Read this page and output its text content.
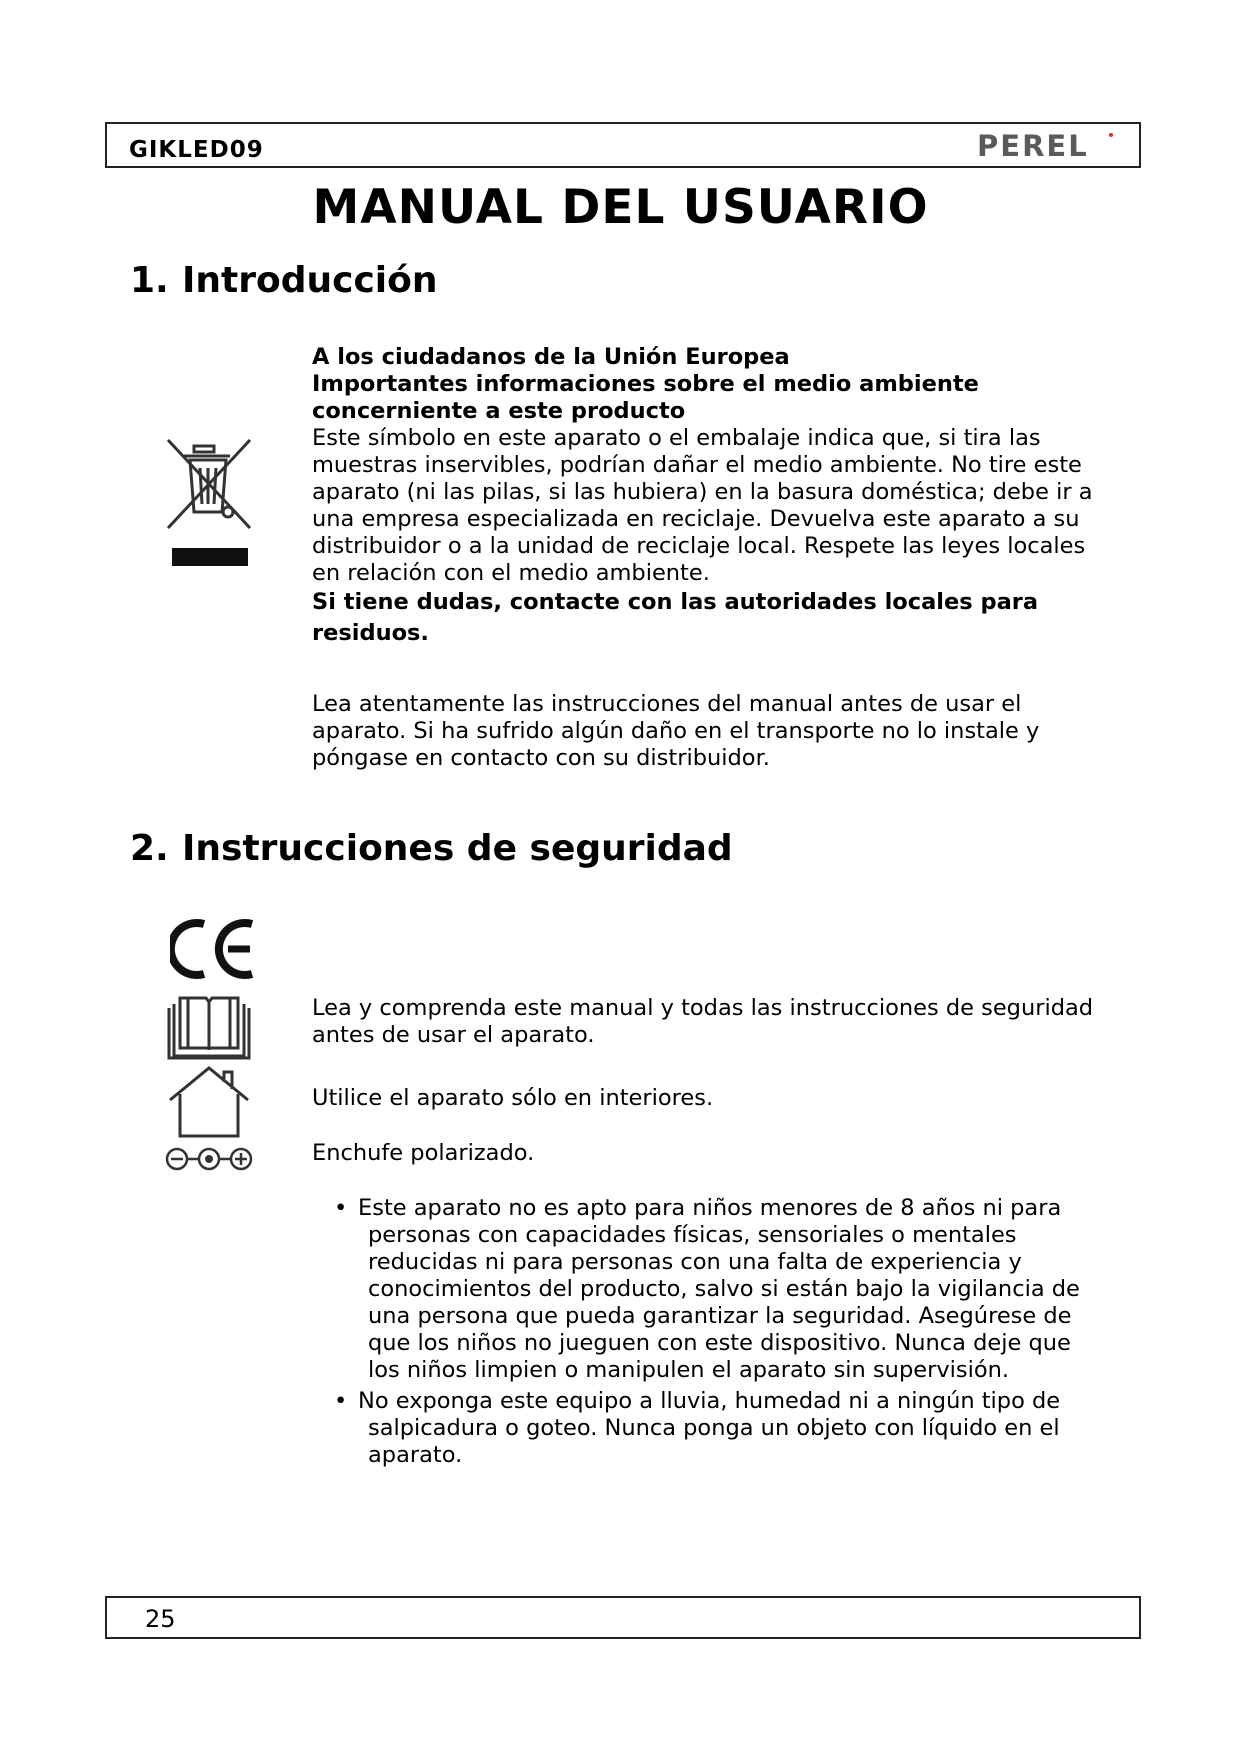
GIKLED09	PEREL
MANUAL DEL USUARIO
1. Introducción
A los ciudadanos de la Unión Europea
Importantes informaciones sobre el medio ambiente concerniente a este producto
Este símbolo en este aparato o el embalaje indica que, si tira las muestras inservibles, podrían dañar el medio ambiente. No tire este aparato (ni las pilas, si las hubiera) en la basura doméstica; debe ir a una empresa especializada en reciclaje. Devuelva este aparato a su distribuidor o a la unidad de reciclaje local. Respete las leyes locales en relación con el medio ambiente.
Si tiene dudas, contacte con las autoridades locales para residuos.
Lea atentamente las instrucciones del manual antes de usar el aparato. Si ha sufrido algún daño en el transporte no lo instale y póngase en contacto con su distribuidor.
2. Instrucciones de seguridad
Lea y comprenda este manual y todas las instrucciones de seguridad antes de usar el aparato.
Utilice el aparato sólo en interiores.
Enchufe polarizado.
• Este aparato no es apto para niños menores de 8 años ni para personas con capacidades físicas, sensoriales o mentales reducidas ni para personas con una falta de experiencia y conocimientos del producto, salvo si están bajo la vigilancia de una persona que pueda garantizar la seguridad. Asegúrese de que los niños no jueguen con este dispositivo. Nunca deje que los niños limpien o manipulen el aparato sin supervisión.
• No exponga este equipo a lluvia, humedad ni a ningún tipo de salpicadura o goteo. Nunca ponga un objeto con líquido en el aparato.
25
